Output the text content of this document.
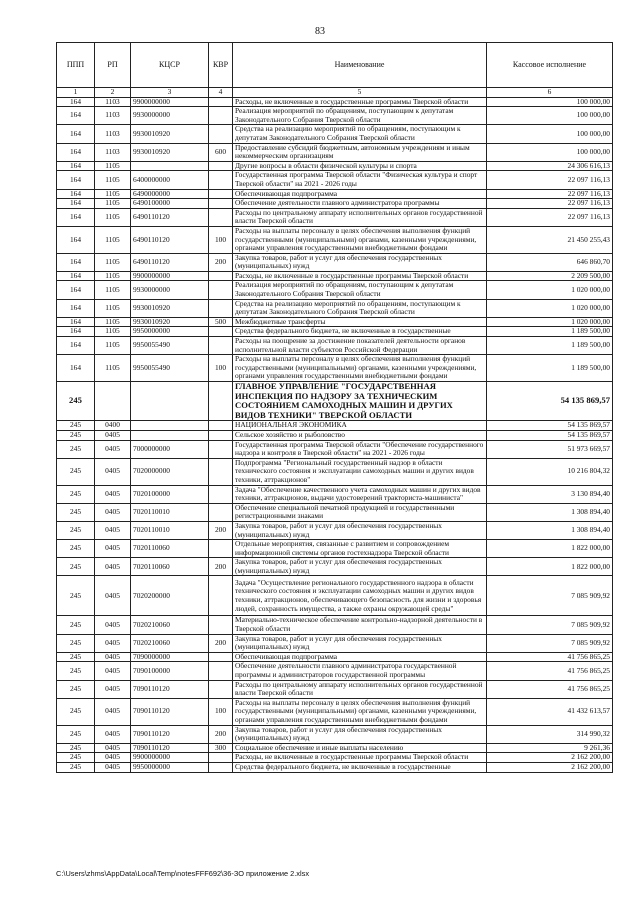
83
ППП	РП	КЦСР	КВР	Наименование	Кассовое исполнение
1	2	3	4	5	6
164	1103	9900000000		Расходы, не включенные в государственные программы Тверской области	100 000,00
164	1103	9930000000		Реализация мероприятий по обращениям, поступающим к депутатам Законодательного Собрания Тверской области	100 000,00
164	1103	9930010920		Средства на реализацию мероприятий по обращениям, поступающим к депутатам Законодательного Собрания Тверской области	100 000,00
164	1103	9930010920	600	Предоставление субсидий бюджетным, автономным учреждениям и иным некоммерческим организациям	100 000,00
164	1105			Другие вопросы в области физической культуры и спорта	24 306 616,13
164	1105	6400000000		Государственная программа Тверской области "Физическая культура и спорт Тверской области" на 2021 - 2026 годы	22 097 116,13
164	1105	6490000000		Обеспечивающая подпрограмма	22 097 116,13
164	1105	6490100000		Обеспечение деятельности главного администратора программы	22 097 116,13
164	1105	6490110120		Расходы по центральному аппарату исполнительных органов государственной власти Тверской области	22 097 116,13
164	1105	6490110120	100	Расходы на выплаты персоналу в целях обеспечения выполнения функций государственными (муниципальными) органами, казенными учреждениями, органами управления государственными внебюджетными фондами	21 450 255,43
164	1105	6490110120	200	Закупка товаров, работ и услуг для обеспечения государственных (муниципальных) нужд	646 860,70
164	1105	9900000000		Расходы, не включенные в государственные программы Тверской области	2 209 500,00
164	1105	9930000000		Реализация мероприятий по обращениям, поступающим к депутатам Законодательного Собрания Тверской области	1 020 000,00
164	1105	9930010920		Средства на реализацию мероприятий по обращениям, поступающим к депутатам Законодательного Собрания Тверской области	1 020 000,00
164	1105	9930010920	500	Межбюджетные трансферты	1 020 000,00
164	1105	9950000000		Средства федерального бюджета, не включенные в государственные	1 189 500,00
164	1105	9950055490		Расходы на поощрение за достижение показателей деятельности органов исполнительной власти субъектов Российской Федерации	1 189 500,00
164	1105	9950055490	100	Расходы на выплаты персоналу в целях обеспечения выполнения функций государственными (муниципальными) органами, казенными учреждениями, органами управления государственными внебюджетными фондами	1 189 500,00
245				ГЛАВНОЕ УПРАВЛЕНИЕ "ГОСУДАРСТВЕННАЯ ИНСПЕКЦИЯ ПО НАДЗОРУ ЗА ТЕХНИЧЕСКИМ СОСТОЯНИЕМ САМОХОДНЫХ МАШИН И ДРУГИХ ВИДОВ ТЕХНИКИ" ТВЕРСКОЙ ОБЛАСТИ	54 135 869,57
245	0400			НАЦИОНАЛЬНАЯ ЭКОНОМИКА	54 135 869,57
245	0405			Сельское хозяйство и рыболовство	54 135 869,57
245	0405	7000000000		Государственная программа Тверской области "Обеспечение государственного надзора и контроля в Тверской области" на 2021 - 2026 годы	51 973 669,57
245	0405	7020000000		Подпрограмма "Региональный государственный надзор в области технического состояния и эксплуатации самоходных машин и других видов техники, аттракционов"	10 216 804,32
245	0405	7020100000		Задача "Обеспечение качественного учета самоходных машин и других видов техники, аттракционов, выдачи удостоверений тракториста-машиниста"	3 130 894,40
245	0405	7020110010		Обеспечение специальной печатной продукцией и государственными регистрационными знаками	1 308 894,40
245	0405	7020110010	200	Закупка товаров, работ и услуг для обеспечения государственных (муниципальных) нужд	1 308 894,40
245	0405	7020110060		Отдельные мероприятия, связанные с развитием и сопровождением информационной системы органов гостехнадзора Тверской области	1 822 000,00
245	0405	7020110060	200	Закупка товаров, работ и услуг для обеспечения государственных (муниципальных) нужд	1 822 000,00
245	0405	7020200000		Задача "Осуществление регионального государственного надзора в области технического состояния и эксплуатации самоходных машин и других видов техники, аттракционов, обеспечивающего безопасность для жизни и здоровья людей, сохранность имущества, а также охраны окружающей среды"	7 085 909,92
245	0405	7020210060		Материально-техническое обеспечение контрольно-надзорной деятельности в Тверской области	7 085 909,92
245	0405	7020210060	200	Закупка товаров, работ и услуг для обеспечения государственных (муниципальных) нужд	7 085 909,92
245	0405	7090000000		Обеспечивающая подпрограмма	41 756 865,25
245	0405	7090100000		Обеспечение деятельности главного администратора государственной программы и администраторов государственной программы	41 756 865,25
245	0405	7090110120		Расходы по центральному аппарату исполнительных органов государственной власти Тверской области	41 756 865,25
245	0405	7090110120	100	Расходы на выплаты персоналу в целях обеспечения выполнения функций государственными (муниципальными) органами, казенными учреждениями, органами управления государственными внебюджетными фондами	41 432 613,57
245	0405	7090110120	200	Закупка товаров, работ и услуг для обеспечения государственных (муниципальных) нужд	314 990,32
245	0405	7090110120	300	Социальное обеспечение и иные выплаты населению	9 261,36
245	0405	9900000000		Расходы, не включенные в государственные программы Тверской области	2 162 200,00
245	0405	9950000000		Средства федерального бюджета, не включенные в государственные	2 162 200,00
C:\Users\zhms\AppData\Local\Temp\notesFFF692\36-ЗО приложение 2.xlsx
